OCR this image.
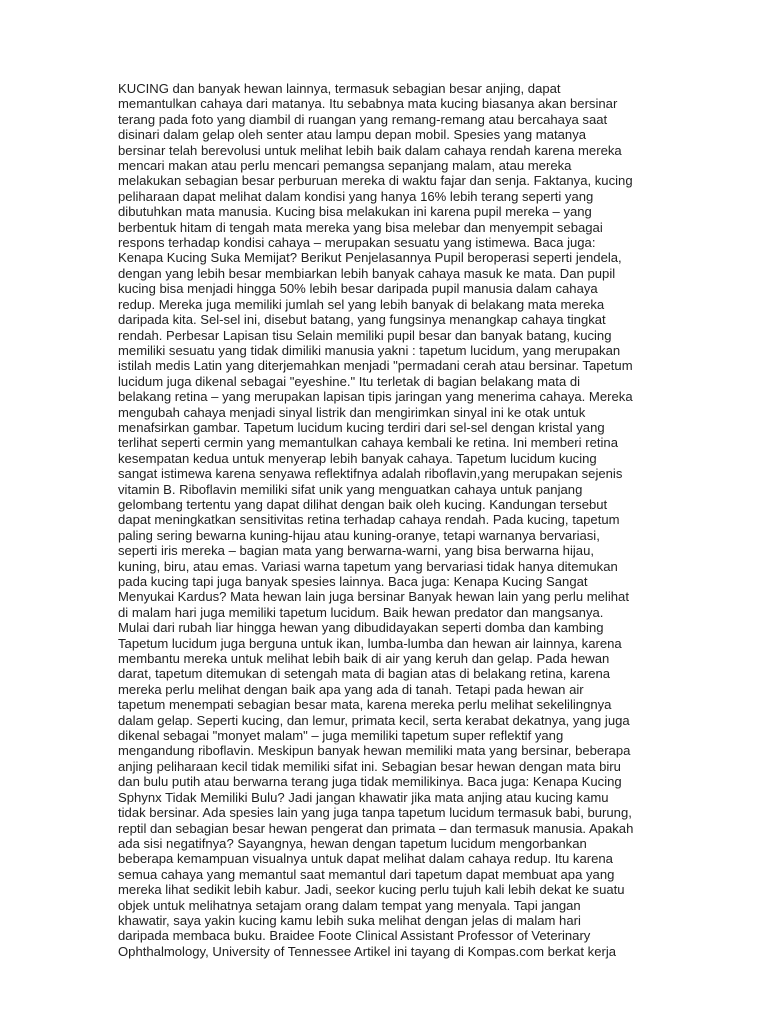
KUCING dan banyak hewan lainnya, termasuk sebagian besar anjing, dapat
memantulkan cahaya dari matanya. Itu sebabnya mata kucing biasanya akan bersinar
terang pada foto yang diambil di ruangan yang remang-remang atau bercahaya saat
disinari dalam gelap oleh senter atau lampu depan mobil. Spesies yang matanya
bersinar telah berevolusi untuk melihat lebih baik dalam cahaya rendah karena mereka
mencari makan atau perlu mencari pemangsa sepanjang malam, atau mereka
melakukan sebagian besar perburuan mereka di waktu fajar dan senja. Faktanya, kucing
peliharaan dapat melihat dalam kondisi yang hanya 16% lebih terang seperti yang
dibutuhkan mata manusia. Kucing bisa melakukan ini karena pupil mereka – yang
berbentuk hitam di tengah mata mereka yang bisa melebar dan menyempit sebagai
respons terhadap kondisi cahaya – merupakan sesuatu yang istimewa. Baca juga:
Kenapa Kucing Suka Memijat? Berikut Penjelasannya Pupil beroperasi seperti jendela,
dengan yang lebih besar membiarkan lebih banyak cahaya masuk ke mata. Dan pupil
kucing bisa menjadi hingga 50% lebih besar daripada pupil manusia dalam cahaya
redup. Mereka juga memiliki jumlah sel yang lebih banyak di belakang mata mereka
daripada kita. Sel-sel ini, disebut batang, yang fungsinya menangkap cahaya tingkat
rendah. Perbesar Lapisan tisu Selain memiliki pupil besar dan banyak batang, kucing
memiliki sesuatu yang tidak dimiliki manusia yakni : tapetum lucidum, yang merupakan
istilah medis Latin yang diterjemahkan menjadi "permadani cerah atau bersinar. Tapetum
lucidum juga dikenal sebagai "eyeshine." Itu terletak di bagian belakang mata di
belakang retina – yang merupakan lapisan tipis jaringan yang menerima cahaya. Mereka
mengubah cahaya menjadi sinyal listrik dan mengirimkan sinyal ini ke otak untuk
menafsirkan gambar. Tapetum lucidum kucing terdiri dari sel-sel dengan kristal yang
terlihat seperti cermin yang memantulkan cahaya kembali ke retina. Ini memberi retina
kesempatan kedua untuk menyerap lebih banyak cahaya. Tapetum lucidum kucing
sangat istimewa karena senyawa reflektifnya adalah riboflavin,yang merupakan sejenis
vitamin B. Riboflavin memiliki sifat unik yang menguatkan cahaya untuk panjang
gelombang tertentu yang dapat dilihat dengan baik oleh kucing. Kandungan tersebut
dapat meningkatkan sensitivitas retina terhadap cahaya rendah. Pada kucing, tapetum
paling sering bewarna kuning-hijau atau kuning-oranye, tetapi warnanya bervariasi,
seperti iris mereka – bagian mata yang berwarna-warni, yang bisa berwarna hijau,
kuning, biru, atau emas. Variasi warna tapetum yang bervariasi tidak hanya ditemukan
pada kucing tapi juga banyak spesies lainnya. Baca juga: Kenapa Kucing Sangat
Menyukai Kardus? Mata hewan lain juga bersinar Banyak hewan lain yang perlu melihat
di malam hari juga memiliki tapetum lucidum. Baik hewan predator dan mangsanya.
Mulai dari rubah liar hingga hewan yang dibudidayakan seperti domba dan kambing
Tapetum lucidum juga berguna untuk ikan, lumba-lumba dan hewan air lainnya, karena
membantu mereka untuk melihat lebih baik di air yang keruh dan gelap. Pada hewan
darat, tapetum ditemukan di setengah mata di bagian atas di belakang retina, karena
mereka perlu melihat dengan baik apa yang ada di tanah. Tetapi pada hewan air
tapetum menempati sebagian besar mata, karena mereka perlu melihat sekelilingnya
dalam gelap. Seperti kucing, dan lemur, primata kecil, serta kerabat dekatnya, yang juga
dikenal sebagai "monyet malam" – juga memiliki tapetum super reflektif yang
mengandung riboflavin. Meskipun banyak hewan memiliki mata yang bersinar, beberapa
anjing peliharaan kecil tidak memiliki sifat ini. Sebagian besar hewan dengan mata biru
dan bulu putih atau berwarna terang juga tidak memilikinya. Baca juga: Kenapa Kucing
Sphynx Tidak Memiliki Bulu? Jadi jangan khawatir jika mata anjing atau kucing kamu
tidak bersinar. Ada spesies lain yang juga tanpa tapetum lucidum termasuk babi, burung,
reptil dan sebagian besar hewan pengerat dan primata – dan termasuk manusia. Apakah
ada sisi negatifnya? Sayangnya, hewan dengan tapetum lucidum mengorbankan
beberapa kemampuan visualnya untuk dapat melihat dalam cahaya redup. Itu karena
semua cahaya yang memantul saat memantul dari tapetum dapat membuat apa yang
mereka lihat sedikit lebih kabur. Jadi, seekor kucing perlu tujuh kali lebih dekat ke suatu
objek untuk melihatnya setajam orang dalam tempat yang menyala. Tapi jangan
khawatir, saya yakin kucing kamu lebih suka melihat dengan jelas di malam hari
daripada membaca buku. Braidee Foote Clinical Assistant Professor of Veterinary
Ophthalmology, University of Tennessee Artikel ini tayang di Kompas.com berkat kerja
